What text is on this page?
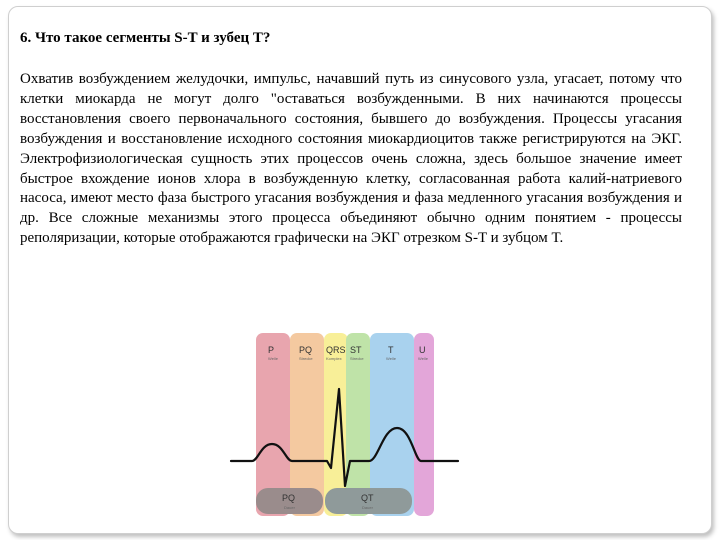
6. Что такое сегменты S-T и зубец T?
Охватив возбуждением желудочки, импульс, начавший путь из синусового узла, угасает, потому что клетки миокарда не могут долго "оставаться возбужденными. В них начинаются процессы восстановления своего первоначального состояния, бывшего до возбуждения. Процессы угасания возбуждения и восстановление исходного состояния миокардиоцитов также регистрируются на ЭКГ. Электрофизиологическая сущность этих процессов очень сложна, здесь большое значение имеет быстрое вхождение ионов хлора в возбужденную клетку, согласованная работа калий-натриевого насоса, имеют место фаза быстрого угасания возбуждения и фаза медленного угасания возбуждения и др. Все сложные механизмы этого процесса объединяют обычно одним понятием - процессы реполяризации, которые отображаются графически на ЭКГ отрезком S-T и зубцом T.
P
Welle
PQ
Strecke
QRS
Komplex
ST
Strecke
T
Welle
U
Welle
PQ
Dauer
QT
Dauer
